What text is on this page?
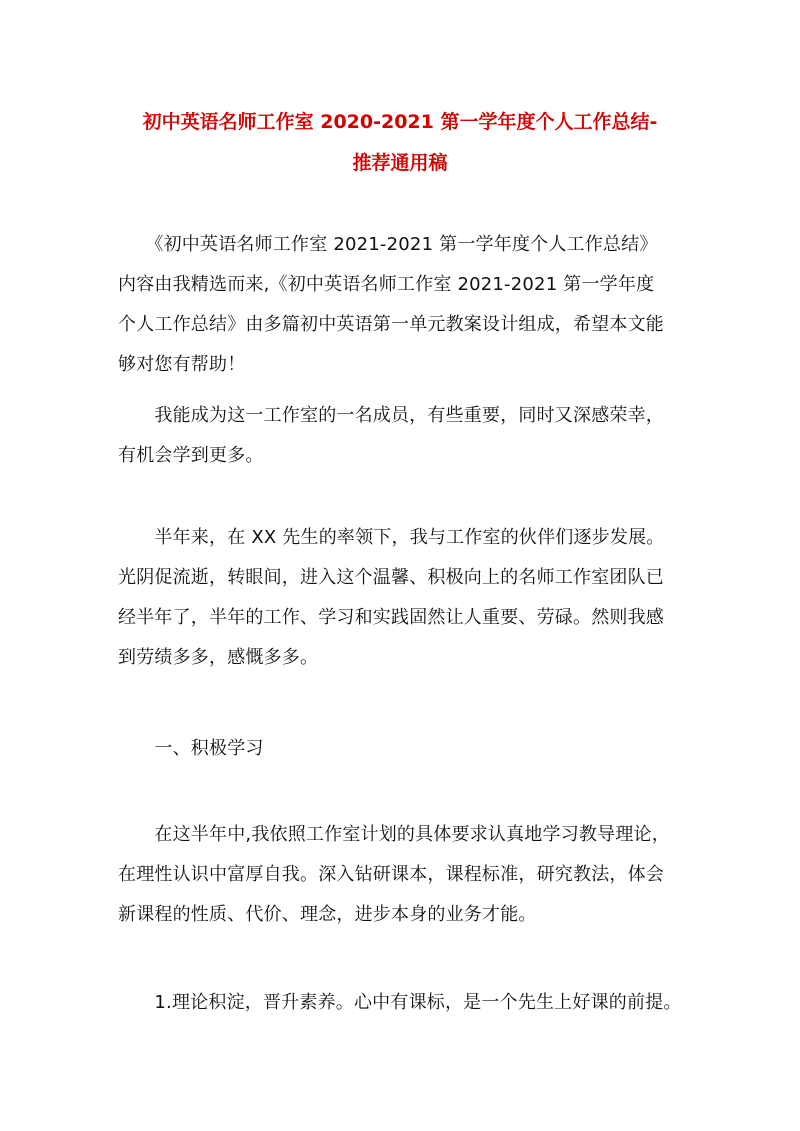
初中英语名师工作室 2020-2021 第一学年度个人工作总结-
推荐通用稿
　　《初中英语名师工作室 2021-2021 第一学年度个人工作总结》
内容由我精选而来,《初中英语名师工作室 2021-2021 第一学年度
个人工作总结》由多篇初中英语第一单元教案设计组成，希望本文能
够对您有帮助！
　　我能成为这一工作室的一名成员，有些重要，同时又深感荣幸，
有机会学到更多。
　　半年来，在 XX 先生的率领下，我与工作室的伙伴们逐步发展。
光阴促流逝，转眼间，进入这个温馨、积极向上的名师工作室团队已
经半年了，半年的工作、学习和实践固然让人重要、劳碌。然则我感
到劳绩多多，感慨多多。
　　一、积极学习
　　在这半年中,我依照工作室计划的具体要求认真地学习教导理论，
在理性认识中富厚自我。深入钻研课本，课程标准，研究教法，体会
新课程的性质、代价、理念，进步本身的业务才能。
　　1.理论积淀，晋升素养。心中有课标，是一个先生上好课的前提。
